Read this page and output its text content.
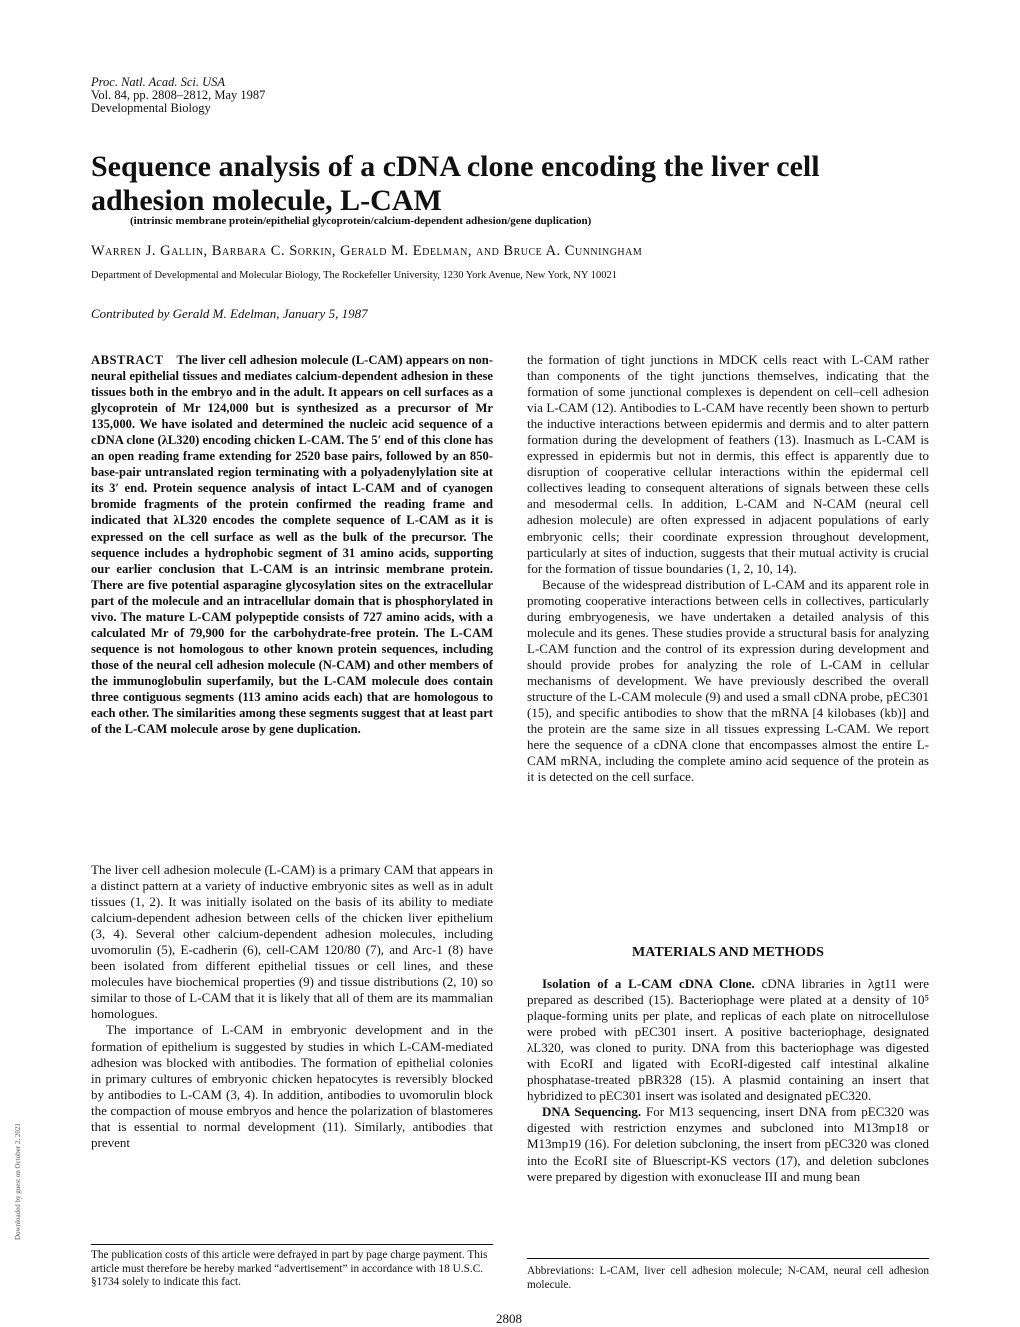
Proc. Natl. Acad. Sci. USA
Vol. 84, pp. 2808–2812, May 1987
Developmental Biology
Sequence analysis of a cDNA clone encoding the liver cell adhesion molecule, L-CAM
(intrinsic membrane protein/epithelial glycoprotein/calcium-dependent adhesion/gene duplication)
Warren J. Gallin, Barbara C. Sorkin, Gerald M. Edelman, and Bruce A. Cunningham
Department of Developmental and Molecular Biology, The Rockefeller University, 1230 York Avenue, New York, NY 10021
Contributed by Gerald M. Edelman, January 5, 1987
ABSTRACT The liver cell adhesion molecule (L-CAM) appears on non-neural epithelial tissues and mediates calcium-dependent adhesion in these tissues both in the embryo and in the adult. It appears on cell surfaces as a glycoprotein of Mr 124,000 but is synthesized as a precursor of Mr 135,000. We have isolated and determined the nucleic acid sequence of a cDNA clone (λL320) encoding chicken L-CAM. The 5′ end of this clone has an open reading frame extending for 2520 base pairs, followed by an 850-base-pair untranslated region terminating with a polyadenylylation site at its 3′ end. Protein sequence analysis of intact L-CAM and of cyanogen bromide fragments of the protein confirmed the reading frame and indicated that λL320 encodes the complete sequence of L-CAM as it is expressed on the cell surface as well as the bulk of the precursor. The sequence includes a hydrophobic segment of 31 amino acids, supporting our earlier conclusion that L-CAM is an intrinsic membrane protein. There are five potential asparagine glycosylation sites on the extracellular part of the molecule and an intracellular domain that is phosphorylated in vivo. The mature L-CAM polypeptide consists of 727 amino acids, with a calculated Mr of 79,900 for the carbohydrate-free protein. The L-CAM sequence is not homologous to other known protein sequences, including those of the neural cell adhesion molecule (N-CAM) and other members of the immunoglobulin superfamily, but the L-CAM molecule does contain three contiguous segments (113 amino acids each) that are homologous to each other. The similarities among these segments suggest that at least part of the L-CAM molecule arose by gene duplication.

The liver cell adhesion molecule (L-CAM) is a primary CAM that appears in a distinct pattern at a variety of inductive embryonic sites as well as in adult tissues (1, 2). It was initially isolated on the basis of its ability to mediate calcium-dependent adhesion between cells of the chicken liver epithelium (3, 4). Several other calcium-dependent adhesion molecules, including uvomorulin (5), E-cadherin (6), cell-CAM 120/80 (7), and Arc-1 (8) have been isolated from different epithelial tissues or cell lines, and these molecules have biochemical properties (9) and tissue distributions (2, 10) so similar to those of L-CAM that it is likely that all of them are its mammalian homologues.

The importance of L-CAM in embryonic development and in the formation of epithelium is suggested by studies in which L-CAM-mediated adhesion was blocked with antibodies. The formation of epithelial colonies in primary cultures of embryonic chicken hepatocytes is reversibly blocked by antibodies to L-CAM (3, 4). In addition, antibodies to uvomorulin block the compaction of mouse embryos and hence the polarization of blastomeres that is essential to normal development (11). Similarly, antibodies that prevent

the formation of tight junctions in MDCK cells react with L-CAM rather than components of the tight junctions themselves, indicating that the formation of some junctional complexes is dependent on cell–cell adhesion via L-CAM (12). Antibodies to L-CAM have recently been shown to perturb the inductive interactions between epidermis and dermis and to alter pattern formation during the development of feathers (13). Inasmuch as L-CAM is expressed in epidermis but not in dermis, this effect is apparently due to disruption of cooperative cellular interactions within the epidermal cell collectives leading to consequent alterations of signals between these cells and mesodermal cells. In addition, L-CAM and N-CAM (neural cell adhesion molecule) are often expressed in adjacent populations of early embryonic cells; their coordinate expression throughout development, particularly at sites of induction, suggests that their mutual activity is crucial for the formation of tissue boundaries (1, 2, 10, 14).

Because of the widespread distribution of L-CAM and its apparent role in promoting cooperative interactions between cells in collectives, particularly during embryogenesis, we have undertaken a detailed analysis of this molecule and its genes. These studies provide a structural basis for analyzing L-CAM function and the control of its expression during development and should provide probes for analyzing the role of L-CAM in cellular mechanisms of development. We have previously described the overall structure of the L-CAM molecule (9) and used a small cDNA probe, pEC301 (15), and specific antibodies to show that the mRNA [4 kilobases (kb)] and the protein are the same size in all tissues expressing L-CAM. We report here the sequence of a cDNA clone that encompasses almost the entire L-CAM mRNA, including the complete amino acid sequence of the protein as it is detected on the cell surface.

MATERIALS AND METHODS

Isolation of a L-CAM cDNA Clone. cDNA libraries in λgt11 were prepared as described (15). Bacteriophage were plated at a density of 10⁵ plaque-forming units per plate, and replicas of each plate on nitrocellulose were probed with pEC301 insert. A positive bacteriophage, designated λL320, was cloned to purity. DNA from this bacteriophage was digested with EcoRI and ligated with EcoRI-digested calf intestinal alkaline phosphatase-treated pBR328 (15). A plasmid containing an insert that hybridized to pEC301 insert was isolated and designated pEC320.

DNA Sequencing. For M13 sequencing, insert DNA from pEC320 was digested with restriction enzymes and subcloned into M13mp18 or M13mp19 (16). For deletion subcloning, the insert from pEC320 was cloned into the EcoRI site of Bluescript-KS vectors (17), and deletion subclones were prepared by digestion with exonuclease III and mung bean

The publication costs of this article were defrayed in part by page charge payment. This article must therefore be hereby marked “advertisement” in accordance with 18 U.S.C. §1734 solely to indicate this fact.
Abbreviations: L-CAM, liver cell adhesion molecule; N-CAM, neural cell adhesion molecule.
2808
Downloaded by guest on October 2, 2021
